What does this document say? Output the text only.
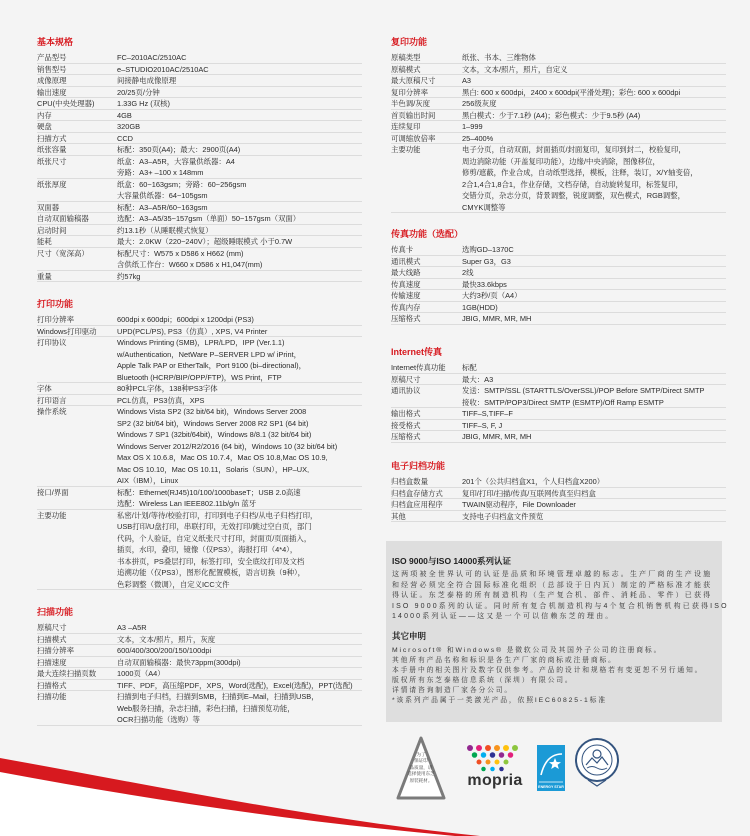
基本规格
产品型号	FC–2010AC/2510AC
销售型号	e–STUDIO2010AC/2510AC
成像原理	间接静电成像原理
输出速度	20/25页/分钟
CPU(中央处理器)	1.33G Hz (双核)
内存	4GB
硬盘	320GB
扫描方式	CCD
纸张容量	标配：350页(A4)；最大：2900页(A4)
纸张尺寸	纸盒：A3–A5R，大容量供纸器：A4
旁路：A3+ –100 x 148mm
纸张厚度	纸盒：60~163gsm；旁路：60~256gsm
大容量供纸器：64~105gsm
双面器	标配：A3–A5R/60~163gsm
自动双面输稿器	选配：A3–A5/35~157gsm（单面）50~157gsm（双面）
启动时间	约13.1秒（从睡眠模式恢复）
能耗	最大：2.0KW（220~240V）；超级睡眠模式 小于0.7W
尺寸（宽深高）	标配尺寸：W575 x D586 x H662 (mm)
含供纸工作台：W660 x D586 x H1,047(mm)
重量	约57kg
打印功能
打印分辨率	600dpi x 600dpi；600dpi x 1200dpi (PS3)
Windows打印驱动	UPD(PCL/PS), PS3（仿真）, XPS, V4 Printer
打印协议	Windows Printing (SMB)，LPR/LPD，IPP (Ver.1.1)
w/Authentication，NetWare P–SERVER LPD w/ iPrint，
Apple Talk PAP or EtherTalk，Port 9100 (bi–directional)，
Bluetooth (HCRP/BIP/OPP/FTP)，WS Print，FTP
字体	80种PCL字体，138种PS3字体
打印语言	PCL仿真，PS3仿真，XPS
操作系统	Windows Vista SP2 (32 bit/64 bit)，Windows Server 2008
SP2 (32 bit/64 bit)，Windows Server 2008 R2 SP1 (64 bit)
Windows 7 SP1 (32bit/64bit)，Windows 8/8.1 (32 bit/64 bit)
Windows Server 2012/R2/2016 (64 bit)，Windows 10 (32 bit/64 bit)
Max OS X 10.6.8，Mac OS 10.7.4，Mac OS 10.8,Mac OS 10.9,
Mac OS 10.10，Mac OS 10.11，Solaris（SUN），HP–UX,
AIX（IBM），Linux
接口/界面	标配：Ethernet(RJ45)10/100/1000baseT；USB 2.0高速
选配：Wireless Lan IEEE802.11b/g/n 蓝牙
主要功能	私密/计划/等待/校验打印，打印到电子归档/从电子归档打印，
USB打印/U盘打印，串联打印，无效打印/跳过空白页，部门
代码，个人验证，自定义纸张尺寸打印，封面页/页面插入，
插页，水印，叠印，镜像（仅PS3），海报打印（4*4），
书本拼页，PS叠层打印，标签打印，安全底纹打印及文档
追溯功能（仅PS3），图形化配置模板，语言切换（9种），
色彩调整（微调），自定义ICC文件
扫描功能
原稿尺寸	A3 –A5R
扫描模式	文本，文本/照片，照片，灰度
扫描分辨率	600/400/300/200/150/100dpi
扫描速度	自动双面输稿器：最快73ppm(300dpi)
最大连续扫描页数	1000页（A4）
扫描格式	TIFF、PDF，高压缩PDF，XPS，Word(选配)，Excel(选配)，PPT(选配)
扫描功能	扫描到电子归档，扫描到SMB，扫描到E–Mail，扫描到USB，
Web服务扫描，杂志扫描，彩色扫描，扫描预览功能，
OCR扫描功能（选购）等
复印功能
原稿类型	纸张、书本、三维物体
原稿模式	文本，文本/照片，照片，自定义
最大原稿尺寸	A3
复印分辨率	黑白: 600 x 600dpi，2400 x 600dpi(平滑处理)；彩色: 600 x 600dpi
半色调/灰度	256级灰度
首页输出时间	黑白模式：少于7.1秒 (A4)；彩色模式：少于9.5秒 (A4)
连续复印	1–999
可调缩放倍率	25–400%
主要功能	电子分页，自动双面，封面插页/封面复印，复印到封二，校验复印，
周边消除功能（开盖复印功能），边缘/中央消除，图像移位，
修剪/遮蔽，作业合成，自动纸型选择，模板，注释，装订，X/Y轴变倍，
2合1,4合1,8合1，作业存储，文档存储，自动旋转复印，标签复印，
交错分页，杂志分页，背景调整，锐度调整，双色模式，RGB调整，
CMYK调整等
传真功能（选配）
传真卡	选购GD–1370C
通讯模式	Super G3，G3
最大线路	2线
传真速度	最快33.6kbps
传输速度	大约3秒/页（A4）
传真内存	1GB(HDD)
压缩格式	JBIG, MMR, MR, MH
Internet传真
Internet传真功能	标配
原稿尺寸	最大：A3
通讯协议	发送：SMTP/SSL (STARTTLS/OverSSL)/POP Before SMTP/Direct SMTP
接收：SMTP/POP3/Direct SMTP (ESMTP)/Off Ramp ESMTP
输出格式	TIFF–S,TIFF–F
接受格式	TIFF–S, F, J
压缩格式	JBIG, MMR, MR, MH
电子归档功能
归档盒数量	201个（公共归档盒X1，个人归档盒X200）
归档盒存储方式	复印/打印/扫描/传真/互联网传真至归档盒
归档盒应用程序	TWAIN驱动程序，File Downloader
其他	支持电子归档盒文件预览
ISO 9000与ISO 14000系列认证
这两项被全世界认可的认证是品质和环境管理卓越的标志。生产厂商的生产设施
和经营必须完全符合国际标准化组织（总部设于日内瓦）制定的严格标准才能获
得认证。东芝泰格的所有制造机构（生产复合机、部件、消耗品、零件）已获得
ISO 9000系列的认证。同时所有复合机制造机构与4个复合机销售机构已获得ISO
14000系列认证——这又是一个可以信赖东芝的理由。
其它申明
Microsoft® 和Windows® 是微软公司及其国外子公司的注册商标。
其他所有产品名称和标识是各生产厂家的商标或注册商标。
本手册中的相关图片及数字仅供参考。产品的设计和规格若有变更恕不另行通知。
版权所有东芝泰格信息系统（深圳）有限公司。
详情请咨询制造厂家各分公司。
*该系列产品属于一类激光产品，依照IEC60825-1标准
为了
保证印
品质量，请
选择使用东芝
原装耗材。	mopria	ENERGY STAR
